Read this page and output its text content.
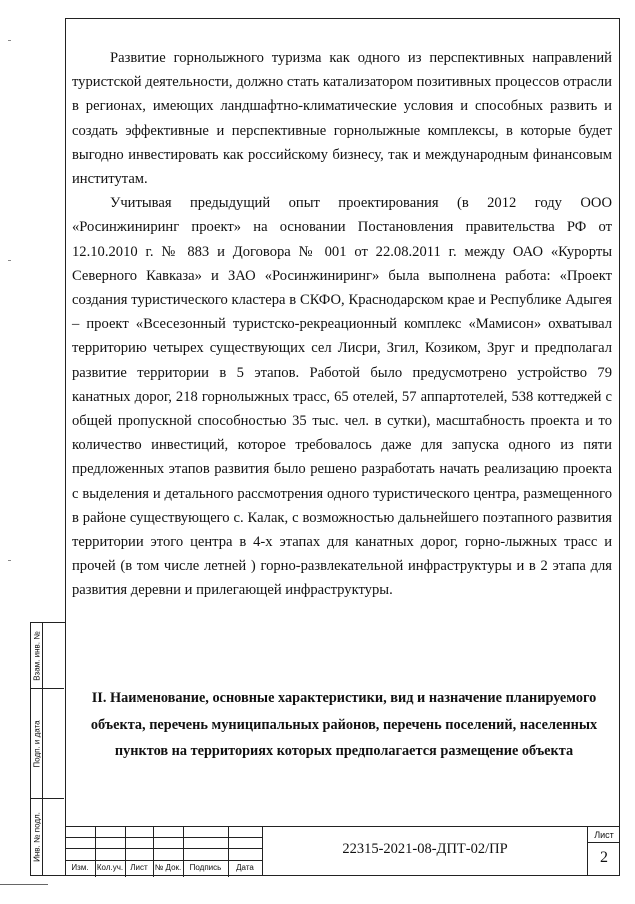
Взам. инв. №
Подп. и дата
Инв. № подл.

Развитие горнолыжного туризма как одного из перспективных направлений туристской деятельности, должно стать катализатором позитивных процессов отрасли в регионах, имеющих ландшафтно-климатические условия и способных развить и создать эффективные и перспективные горнолыжные комплексы, в которые будет выгодно инвестировать как российскому бизнесу, так и международным финансовым институтам.

Учитывая предыдущий опыт проектирования (в 2012 году ООО «Росинжиниринг проект» на основании Постановления правительства РФ от 12.10.2010 г. № 883 и Договора № 001 от 22.08.2011 г. между ОАО «Курорты Северного Кавказа» и ЗАО «Росинжиниринг» была выполнена работа: «Проект создания туристического кластера в СКФО, Краснодарском крае и Республике Адыгея – проект «Всесезонный туристско-рекреационный комплекс «Мамисон» охватывал территорию четырех существующих сел Лисри, Згил, Козиком, Зруг и предполагал развитие территории в 5 этапов. Работой было предусмотрено устройство 79 канатных дорог, 218 горнолыжных трасс, 65 отелей, 57 аппартотелей, 538 коттеджей с общей пропускной способностью 35 тыс. чел. в сутки), масштабность проекта и то количество инвестиций, которое требовалось даже для запуска одного из пяти предложенных этапов развития было решено разработать начать реализацию проекта с выделения и детального рассмотрения одного туристического центра, размещенного в районе существующего с. Калак, с возможностью дальнейшего поэтапного развития территории этого центра в 4-х этапах для канатных дорог, горно-лыжных трасс и прочей (в том числе летней ) горно-развлекательной инфраструктуры и в 2 этапа для развития деревни и прилегающей инфраструктуры.

II. Наименование, основные характеристики, вид и назначение планируемого объекта, перечень муниципальных районов, перечень поселений, населенных пунктов на территориях которых предполагается размещение объекта
Изм.	Кол.уч. Лист № Док.	Подпись	Дата
22315-2021-08-ДПТ-02/ПР
Лист
2
